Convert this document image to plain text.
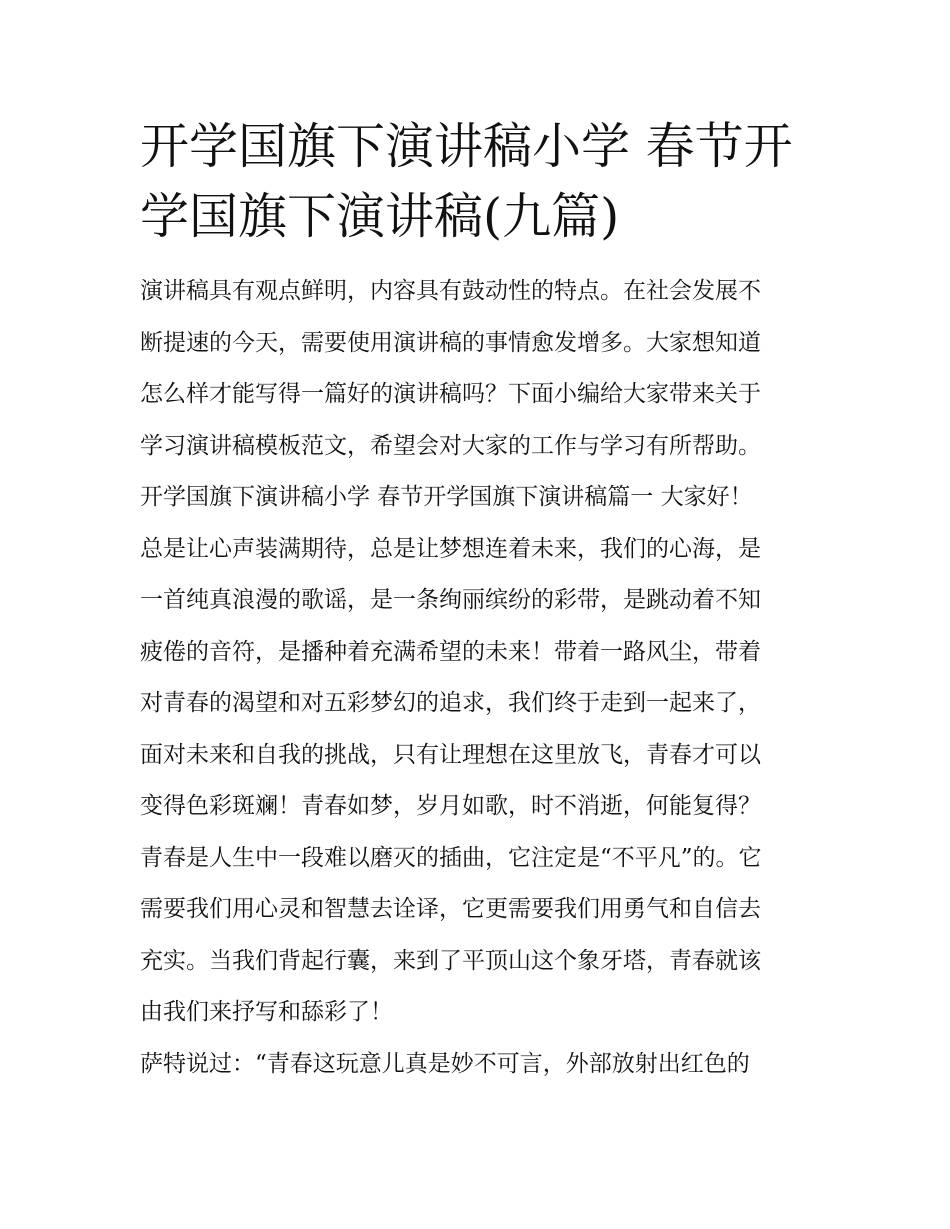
开学国旗下演讲稿小学 春节开
学国旗下演讲稿(九篇)
演讲稿具有观点鲜明，内容具有鼓动性的特点。在社会发展不
断提速的今天，需要使用演讲稿的事情愈发增多。大家想知道
怎么样才能写得一篇好的演讲稿吗？下面小编给大家带来关于
学习演讲稿模板范文，希望会对大家的工作与学习有所帮助。
开学国旗下演讲稿小学 春节开学国旗下演讲稿篇一 大家好！
总是让心声装满期待，总是让梦想连着未来，我们的心海，是
一首纯真浪漫的歌谣，是一条绚丽缤纷的彩带，是跳动着不知
疲倦的音符，是播种着充满希望的未来！带着一路风尘，带着
对青春的渴望和对五彩梦幻的追求，我们终于走到一起来了，
面对未来和自我的挑战，只有让理想在这里放飞，青春才可以
变得色彩斑斓！青春如梦，岁月如歌，时不消逝，何能复得？
青春是人生中一段难以磨灭的插曲，它注定是“不平凡”的。它
需要我们用心灵和智慧去诠译，它更需要我们用勇气和自信去
充实。当我们背起行囊，来到了平顶山这个象牙塔，青春就该
由我们来抒写和舔彩了！
萨特说过：“青春这玩意儿真是妙不可言，外部放射出红色的
